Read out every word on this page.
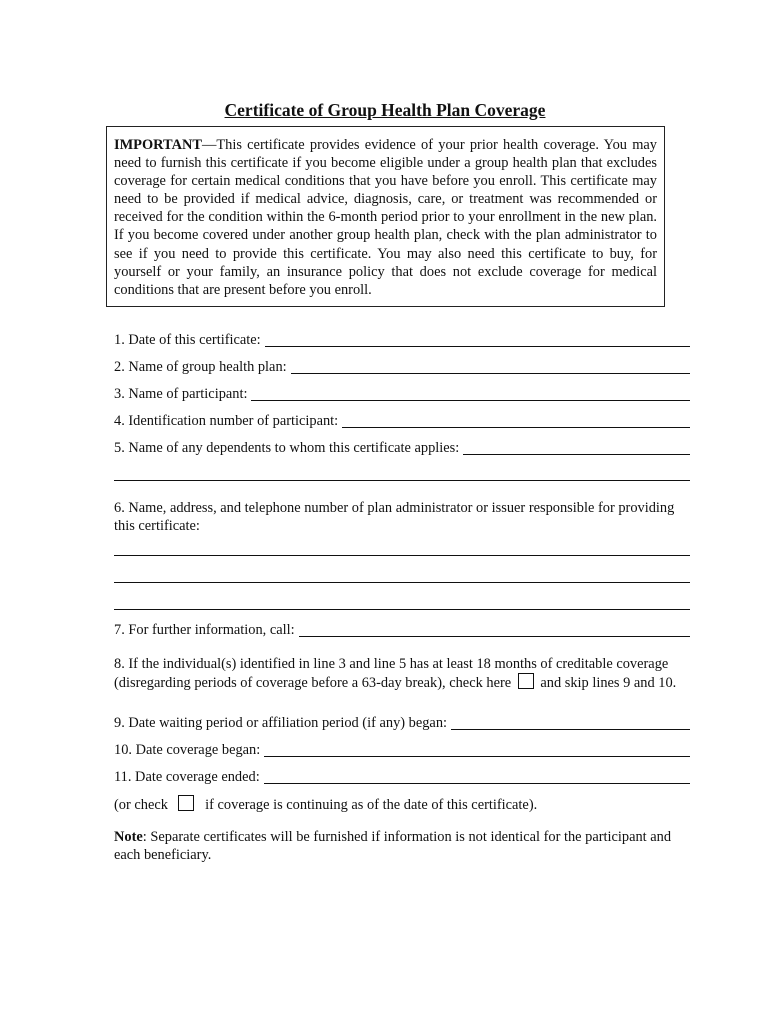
Certificate of Group Health Plan Coverage
IMPORTANT—This certificate provides evidence of your prior health coverage. You may need to furnish this certificate if you become eligible under a group health plan that excludes coverage for certain medical conditions that you have before you enroll. This certificate may need to be provided if medical advice, diagnosis, care, or treatment was recommended or received for the condition within the 6-month period prior to your enrollment in the new plan. If you become covered under another group health plan, check with the plan administrator to see if you need to provide this certificate. You may also need this certificate to buy, for yourself or your family, an insurance policy that does not exclude coverage for medical conditions that are present before you enroll.
1. Date of this certificate:
2. Name of group health plan:
3. Name of participant:
4. Identification number of participant:
5. Name of any dependents to whom this certificate applies:
6. Name, address, and telephone number of plan administrator or issuer responsible for providing this certificate:
7. For further information, call:
8. If the individual(s) identified in line 3 and line 5 has at least 18 months of creditable coverage (disregarding periods of coverage before a 63-day break), check here and skip lines 9 and 10.
9. Date waiting period or affiliation period (if any) began:
10. Date coverage began:
11. Date coverage ended:
(or check	if coverage is continuing as of the date of this certificate).
Note: Separate certificates will be furnished if information is not identical for the participant and each beneficiary.
